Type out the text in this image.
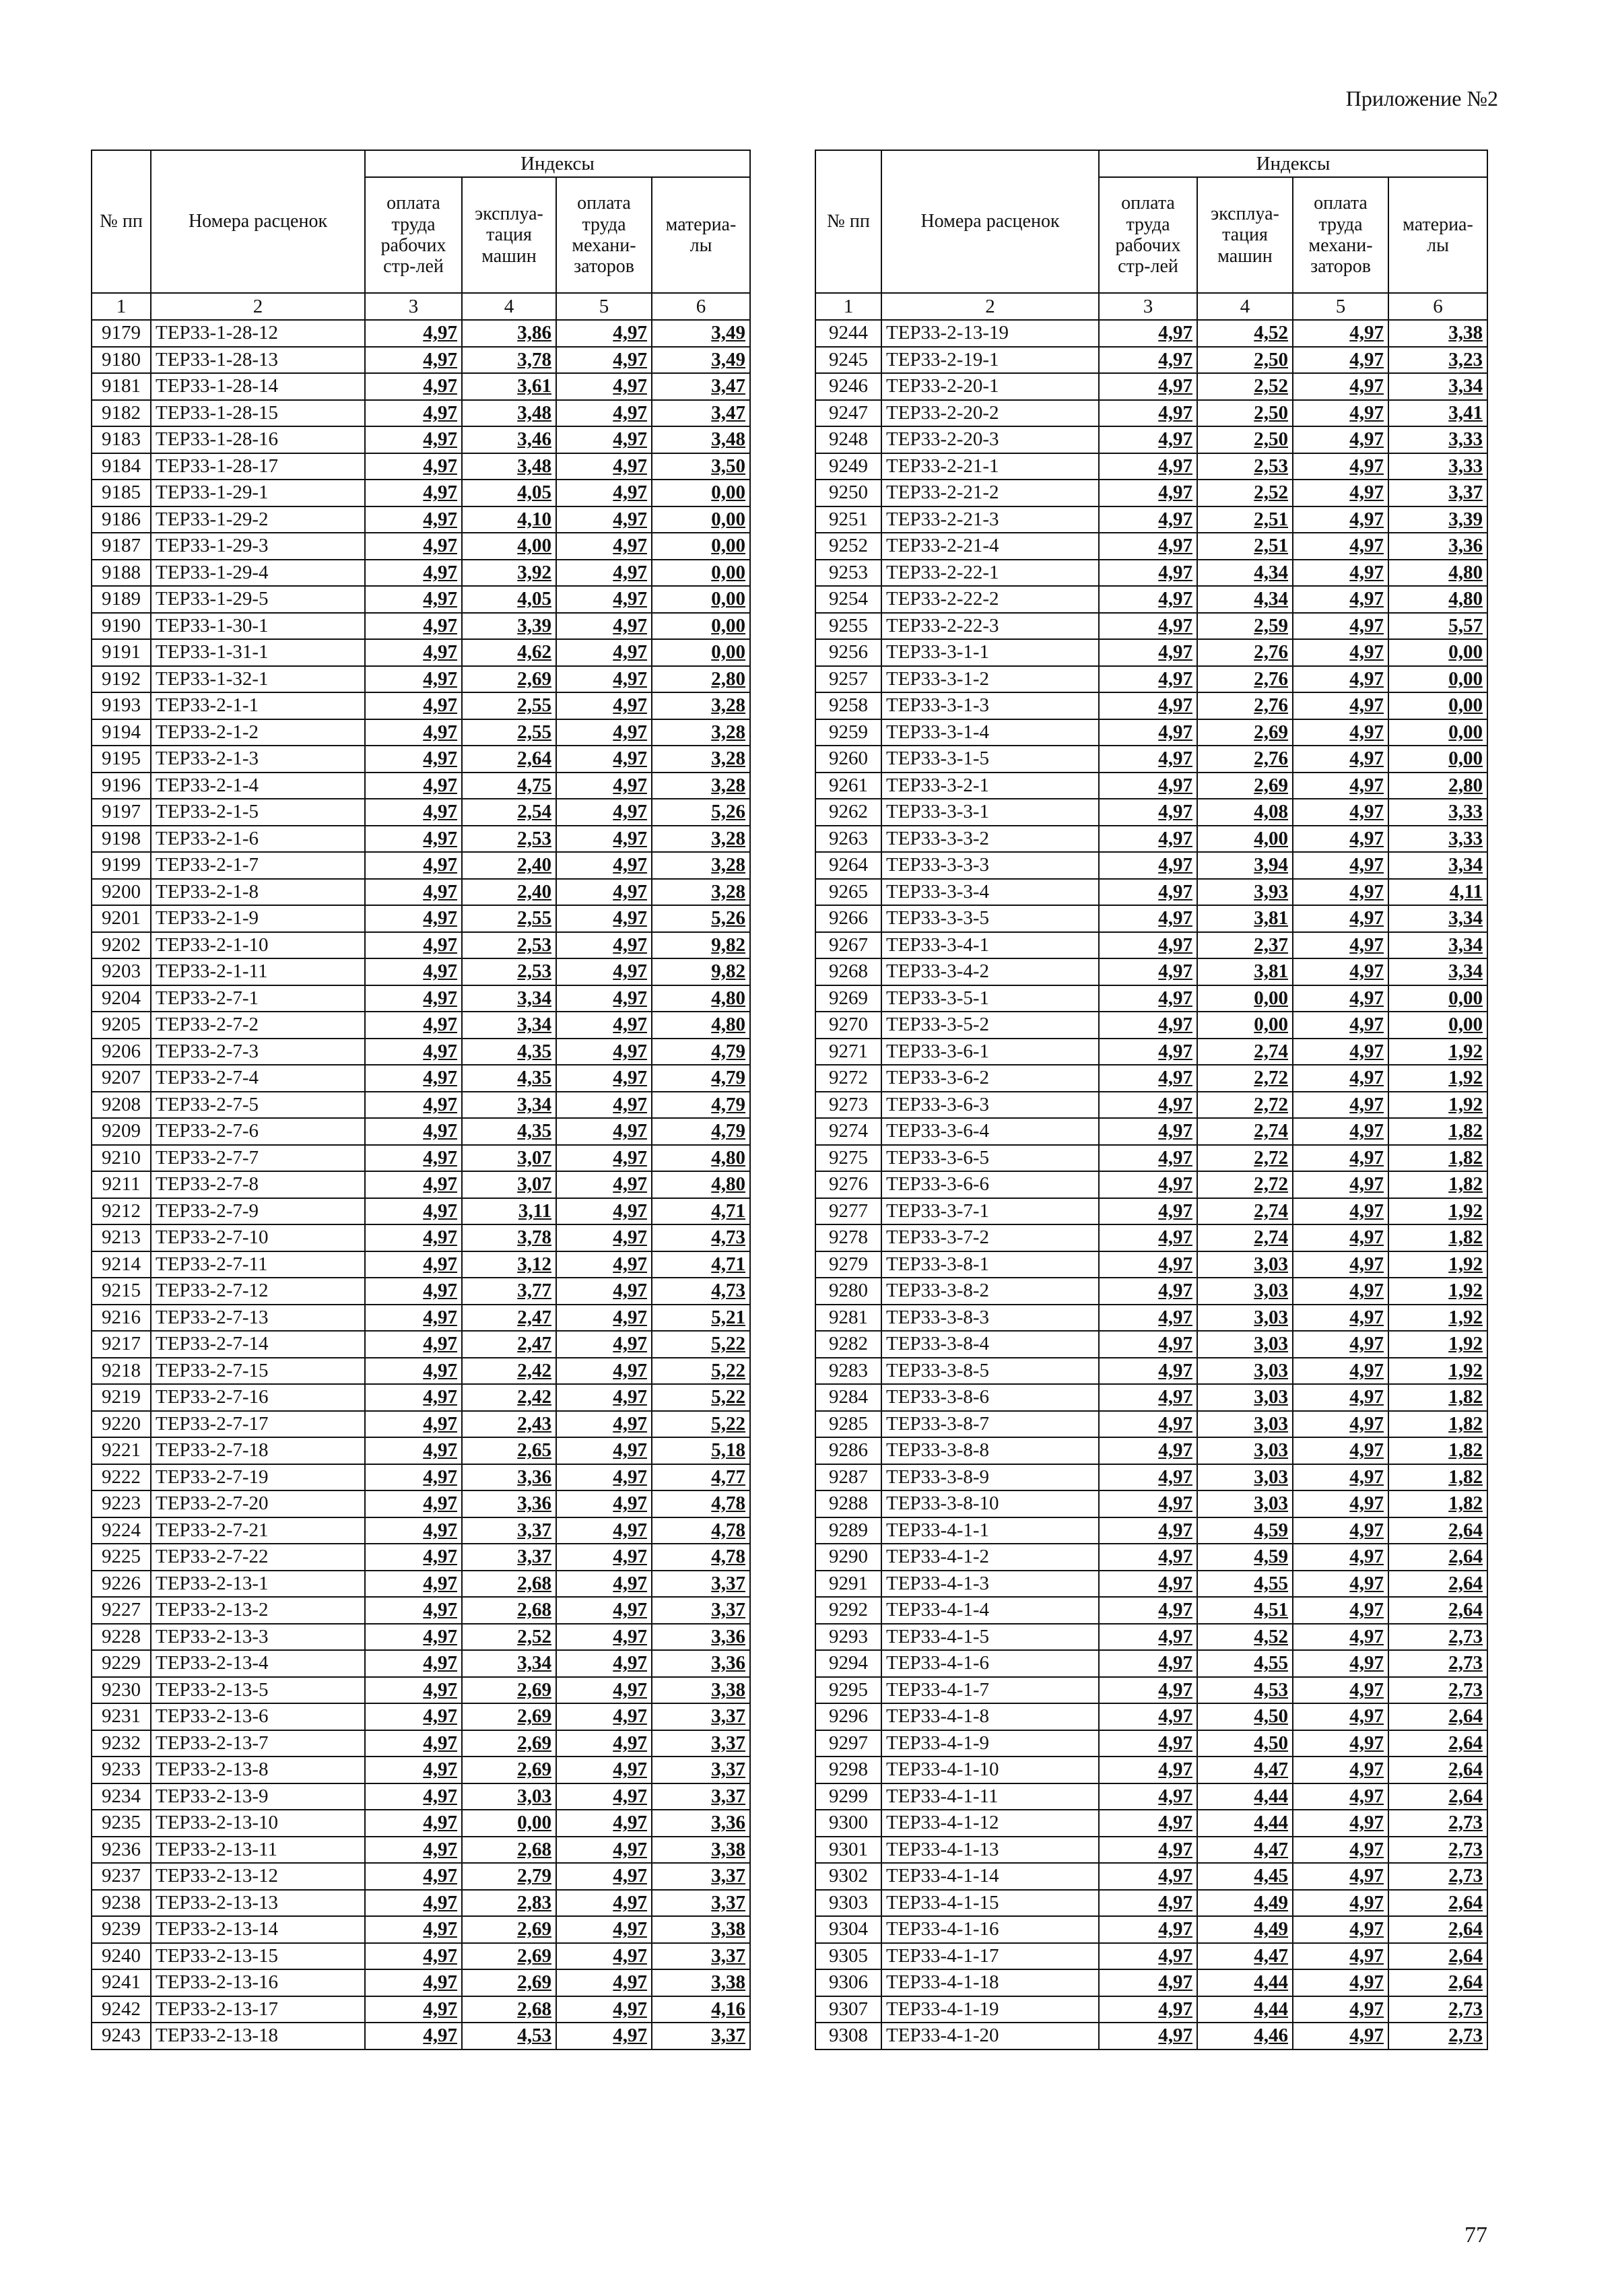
Приложение №2
№ пп	Номера расценок	Индексы			
		оплата труда рабочих стр-лей	эксплуа-тация машин	оплата труда механи-заторов	материа-лы
1	2	3	4	5	6
9179	ТЕР33-1-28-12	4,97	3,86	4,97	3,49
9180	ТЕР33-1-28-13	4,97	3,78	4,97	3,49
9181	ТЕР33-1-28-14	4,97	3,61	4,97	3,47
9182	ТЕР33-1-28-15	4,97	3,48	4,97	3,47
9183	ТЕР33-1-28-16	4,97	3,46	4,97	3,48
9184	ТЕР33-1-28-17	4,97	3,48	4,97	3,50
9185	ТЕР33-1-29-1	4,97	4,05	4,97	0,00
9186	ТЕР33-1-29-2	4,97	4,10	4,97	0,00
9187	ТЕР33-1-29-3	4,97	4,00	4,97	0,00
9188	ТЕР33-1-29-4	4,97	3,92	4,97	0,00
9189	ТЕР33-1-29-5	4,97	4,05	4,97	0,00
9190	ТЕР33-1-30-1	4,97	3,39	4,97	0,00
9191	ТЕР33-1-31-1	4,97	4,62	4,97	0,00
9192	ТЕР33-1-32-1	4,97	2,69	4,97	2,80
9193	ТЕР33-2-1-1	4,97	2,55	4,97	3,28
9194	ТЕР33-2-1-2	4,97	2,55	4,97	3,28
9195	ТЕР33-2-1-3	4,97	2,64	4,97	3,28
9196	ТЕР33-2-1-4	4,97	4,75	4,97	3,28
9197	ТЕР33-2-1-5	4,97	2,54	4,97	5,26
9198	ТЕР33-2-1-6	4,97	2,53	4,97	3,28
9199	ТЕР33-2-1-7	4,97	2,40	4,97	3,28
9200	ТЕР33-2-1-8	4,97	2,40	4,97	3,28
9201	ТЕР33-2-1-9	4,97	2,55	4,97	5,26
9202	ТЕР33-2-1-10	4,97	2,53	4,97	9,82
9203	ТЕР33-2-1-11	4,97	2,53	4,97	9,82
9204	ТЕР33-2-7-1	4,97	3,34	4,97	4,80
9205	ТЕР33-2-7-2	4,97	3,34	4,97	4,80
9206	ТЕР33-2-7-3	4,97	4,35	4,97	4,79
9207	ТЕР33-2-7-4	4,97	4,35	4,97	4,79
9208	ТЕР33-2-7-5	4,97	3,34	4,97	4,79
9209	ТЕР33-2-7-6	4,97	4,35	4,97	4,79
9210	ТЕР33-2-7-7	4,97	3,07	4,97	4,80
9211	ТЕР33-2-7-8	4,97	3,07	4,97	4,80
9212	ТЕР33-2-7-9	4,97	3,11	4,97	4,71
9213	ТЕР33-2-7-10	4,97	3,78	4,97	4,73
9214	ТЕР33-2-7-11	4,97	3,12	4,97	4,71
9215	ТЕР33-2-7-12	4,97	3,77	4,97	4,73
9216	ТЕР33-2-7-13	4,97	2,47	4,97	5,21
9217	ТЕР33-2-7-14	4,97	2,47	4,97	5,22
9218	ТЕР33-2-7-15	4,97	2,42	4,97	5,22
9219	ТЕР33-2-7-16	4,97	2,42	4,97	5,22
9220	ТЕР33-2-7-17	4,97	2,43	4,97	5,22
9221	ТЕР33-2-7-18	4,97	2,65	4,97	5,18
9222	ТЕР33-2-7-19	4,97	3,36	4,97	4,77
9223	ТЕР33-2-7-20	4,97	3,36	4,97	4,78
9224	ТЕР33-2-7-21	4,97	3,37	4,97	4,78
9225	ТЕР33-2-7-22	4,97	3,37	4,97	4,78
9226	ТЕР33-2-13-1	4,97	2,68	4,97	3,37
9227	ТЕР33-2-13-2	4,97	2,68	4,97	3,37
9228	ТЕР33-2-13-3	4,97	2,52	4,97	3,36
9229	ТЕР33-2-13-4	4,97	3,34	4,97	3,36
9230	ТЕР33-2-13-5	4,97	2,69	4,97	3,38
9231	ТЕР33-2-13-6	4,97	2,69	4,97	3,37
9232	ТЕР33-2-13-7	4,97	2,69	4,97	3,37
9233	ТЕР33-2-13-8	4,97	2,69	4,97	3,37
9234	ТЕР33-2-13-9	4,97	3,03	4,97	3,37
9235	ТЕР33-2-13-10	4,97	0,00	4,97	3,36
9236	ТЕР33-2-13-11	4,97	2,68	4,97	3,38
9237	ТЕР33-2-13-12	4,97	2,79	4,97	3,37
9238	ТЕР33-2-13-13	4,97	2,83	4,97	3,37
9239	ТЕР33-2-13-14	4,97	2,69	4,97	3,38
9240	ТЕР33-2-13-15	4,97	2,69	4,97	3,37
9241	ТЕР33-2-13-16	4,97	2,69	4,97	3,38
9242	ТЕР33-2-13-17	4,97	2,68	4,97	4,16
9243	ТЕР33-2-13-18	4,97	4,53	4,97	3,37
№ пп	Номера расценок	Индексы			
		оплата труда рабочих стр-лей	эксплуа-тация машин	оплата труда механи-заторов	материа-лы
1	2	3	4	5	6
9244	ТЕР33-2-13-19	4,97	4,52	4,97	3,38
9245	ТЕР33-2-19-1	4,97	2,50	4,97	3,23
9246	ТЕР33-2-20-1	4,97	2,52	4,97	3,34
9247	ТЕР33-2-20-2	4,97	2,50	4,97	3,41
9248	ТЕР33-2-20-3	4,97	2,50	4,97	3,33
9249	ТЕР33-2-21-1	4,97	2,53	4,97	3,33
9250	ТЕР33-2-21-2	4,97	2,52	4,97	3,37
9251	ТЕР33-2-21-3	4,97	2,51	4,97	3,39
9252	ТЕР33-2-21-4	4,97	2,51	4,97	3,36
9253	ТЕР33-2-22-1	4,97	4,34	4,97	4,80
9254	ТЕР33-2-22-2	4,97	4,34	4,97	4,80
9255	ТЕР33-2-22-3	4,97	2,59	4,97	5,57
9256	ТЕР33-3-1-1	4,97	2,76	4,97	0,00
9257	ТЕР33-3-1-2	4,97	2,76	4,97	0,00
9258	ТЕР33-3-1-3	4,97	2,76	4,97	0,00
9259	ТЕР33-3-1-4	4,97	2,69	4,97	0,00
9260	ТЕР33-3-1-5	4,97	2,76	4,97	0,00
9261	ТЕР33-3-2-1	4,97	2,69	4,97	2,80
9262	ТЕР33-3-3-1	4,97	4,08	4,97	3,33
9263	ТЕР33-3-3-2	4,97	4,00	4,97	3,33
9264	ТЕР33-3-3-3	4,97	3,94	4,97	3,34
9265	ТЕР33-3-3-4	4,97	3,93	4,97	4,11
9266	ТЕР33-3-3-5	4,97	3,81	4,97	3,34
9267	ТЕР33-3-4-1	4,97	2,37	4,97	3,34
9268	ТЕР33-3-4-2	4,97	3,81	4,97	3,34
9269	ТЕР33-3-5-1	4,97	0,00	4,97	0,00
9270	ТЕР33-3-5-2	4,97	0,00	4,97	0,00
9271	ТЕР33-3-6-1	4,97	2,74	4,97	1,92
9272	ТЕР33-3-6-2	4,97	2,72	4,97	1,92
9273	ТЕР33-3-6-3	4,97	2,72	4,97	1,92
9274	ТЕР33-3-6-4	4,97	2,74	4,97	1,82
9275	ТЕР33-3-6-5	4,97	2,72	4,97	1,82
9276	ТЕР33-3-6-6	4,97	2,72	4,97	1,82
9277	ТЕР33-3-7-1	4,97	2,74	4,97	1,92
9278	ТЕР33-3-7-2	4,97	2,74	4,97	1,82
9279	ТЕР33-3-8-1	4,97	3,03	4,97	1,92
9280	ТЕР33-3-8-2	4,97	3,03	4,97	1,92
9281	ТЕР33-3-8-3	4,97	3,03	4,97	1,92
9282	ТЕР33-3-8-4	4,97	3,03	4,97	1,92
9283	ТЕР33-3-8-5	4,97	3,03	4,97	1,92
9284	ТЕР33-3-8-6	4,97	3,03	4,97	1,82
9285	ТЕР33-3-8-7	4,97	3,03	4,97	1,82
9286	ТЕР33-3-8-8	4,97	3,03	4,97	1,82
9287	ТЕР33-3-8-9	4,97	3,03	4,97	1,82
9288	ТЕР33-3-8-10	4,97	3,03	4,97	1,82
9289	ТЕР33-4-1-1	4,97	4,59	4,97	2,64
9290	ТЕР33-4-1-2	4,97	4,59	4,97	2,64
9291	ТЕР33-4-1-3	4,97	4,55	4,97	2,64
9292	ТЕР33-4-1-4	4,97	4,51	4,97	2,64
9293	ТЕР33-4-1-5	4,97	4,52	4,97	2,73
9294	ТЕР33-4-1-6	4,97	4,55	4,97	2,73
9295	ТЕР33-4-1-7	4,97	4,53	4,97	2,73
9296	ТЕР33-4-1-8	4,97	4,50	4,97	2,64
9297	ТЕР33-4-1-9	4,97	4,50	4,97	2,64
9298	ТЕР33-4-1-10	4,97	4,47	4,97	2,64
9299	ТЕР33-4-1-11	4,97	4,44	4,97	2,64
9300	ТЕР33-4-1-12	4,97	4,44	4,97	2,73
9301	ТЕР33-4-1-13	4,97	4,47	4,97	2,73
9302	ТЕР33-4-1-14	4,97	4,45	4,97	2,73
9303	ТЕР33-4-1-15	4,97	4,49	4,97	2,64
9304	ТЕР33-4-1-16	4,97	4,49	4,97	2,64
9305	ТЕР33-4-1-17	4,97	4,47	4,97	2,64
9306	ТЕР33-4-1-18	4,97	4,44	4,97	2,64
9307	ТЕР33-4-1-19	4,97	4,44	4,97	2,73
9308	ТЕР33-4-1-20	4,97	4,46	4,97	2,73
77
